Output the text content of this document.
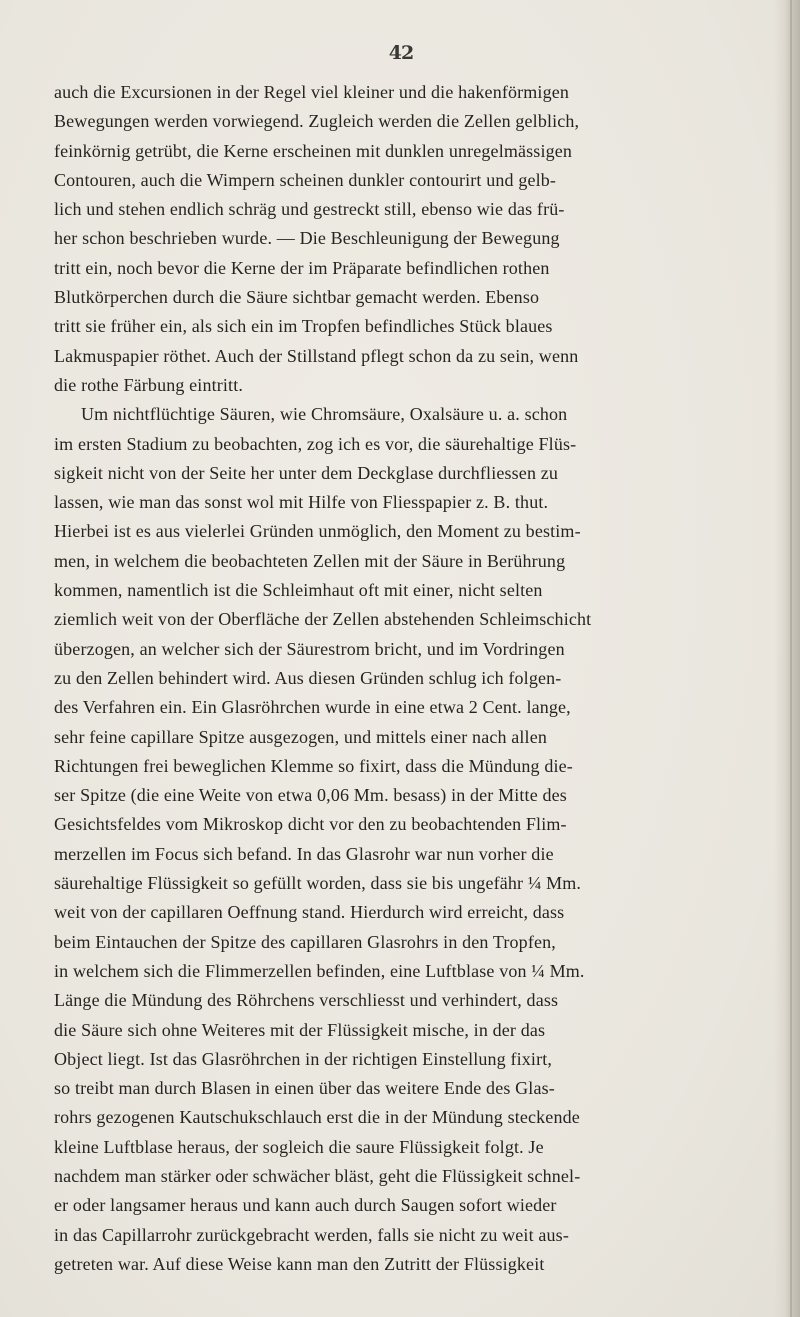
42
auch die Excursionen in der Regel viel kleiner und die hakenförmigen
Bewegungen werden vorwiegend. Zugleich werden die Zellen gelblich,
feinkörnig getrübt, die Kerne erscheinen mit dunklen unregelmässigen
Contouren, auch die Wimpern scheinen dunkler contourirt und gelb-
lich und stehen endlich schräg und gestreckt still, ebenso wie das frü-
her schon beschrieben wurde. — Die Beschleunigung der Bewegung
tritt ein, noch bevor die Kerne der im Präparate befindlichen rothen
Blutkörperchen durch die Säure sichtbar gemacht werden. Ebenso
tritt sie früher ein, als sich ein im Tropfen befindliches Stück blaues
Lakmuspapier röthet. Auch der Stillstand pflegt schon da zu sein, wenn
die rothe Färbung eintritt.
Um nichtflüchtige Säuren, wie Chromsäure, Oxalsäure u. a. schon
im ersten Stadium zu beobachten, zog ich es vor, die säurehaltige Flüs-
sigkeit nicht von der Seite her unter dem Deckglase durchfliessen zu
lassen, wie man das sonst wol mit Hilfe von Fliesspapier z. B. thut.
Hierbei ist es aus vielerlei Gründen unmöglich, den Moment zu bestim-
men, in welchem die beobachteten Zellen mit der Säure in Berührung
kommen, namentlich ist die Schleimhaut oft mit einer, nicht selten
ziemlich weit von der Oberfläche der Zellen abstehenden Schleimschicht
überzogen, an welcher sich der Säurestrom bricht, und im Vordringen
zu den Zellen behindert wird. Aus diesen Gründen schlug ich folgen-
des Verfahren ein. Ein Glasröhrchen wurde in eine etwa 2 Cent. lange,
sehr feine capillare Spitze ausgezogen, und mittels einer nach allen
Richtungen frei beweglichen Klemme so fixirt, dass die Mündung die-
ser Spitze (die eine Weite von etwa 0,06 Mm. besass) in der Mitte des
Gesichtsfeldes vom Mikroskop dicht vor den zu beobachtenden Flim-
merzellen im Focus sich befand. In das Glasrohr war nun vorher die
säurehaltige Flüssigkeit so gefüllt worden, dass sie bis ungefähr ¼ Mm.
weit von der capillaren Oeffnung stand. Hierdurch wird erreicht, dass
beim Eintauchen der Spitze des capillaren Glasrohrs in den Tropfen,
in welchem sich die Flimmerzellen befinden, eine Luftblase von ¼ Mm.
Länge die Mündung des Röhrchens verschliesst und verhindert, dass
die Säure sich ohne Weiteres mit der Flüssigkeit mische, in der das
Object liegt. Ist das Glasröhrchen in der richtigen Einstellung fixirt,
so treibt man durch Blasen in einen über das weitere Ende des Glas-
rohrs gezogenen Kautschukschlauch erst die in der Mündung steckende
kleine Luftblase heraus, der sogleich die saure Flüssigkeit folgt. Je
nachdem man stärker oder schwächer bläst, geht die Flüssigkeit schnel-
er oder langsamer heraus und kann auch durch Saugen sofort wieder
in das Capillarrohr zurückgebracht werden, falls sie nicht zu weit aus-
getreten war. Auf diese Weise kann man den Zutritt der Flüssigkeit
